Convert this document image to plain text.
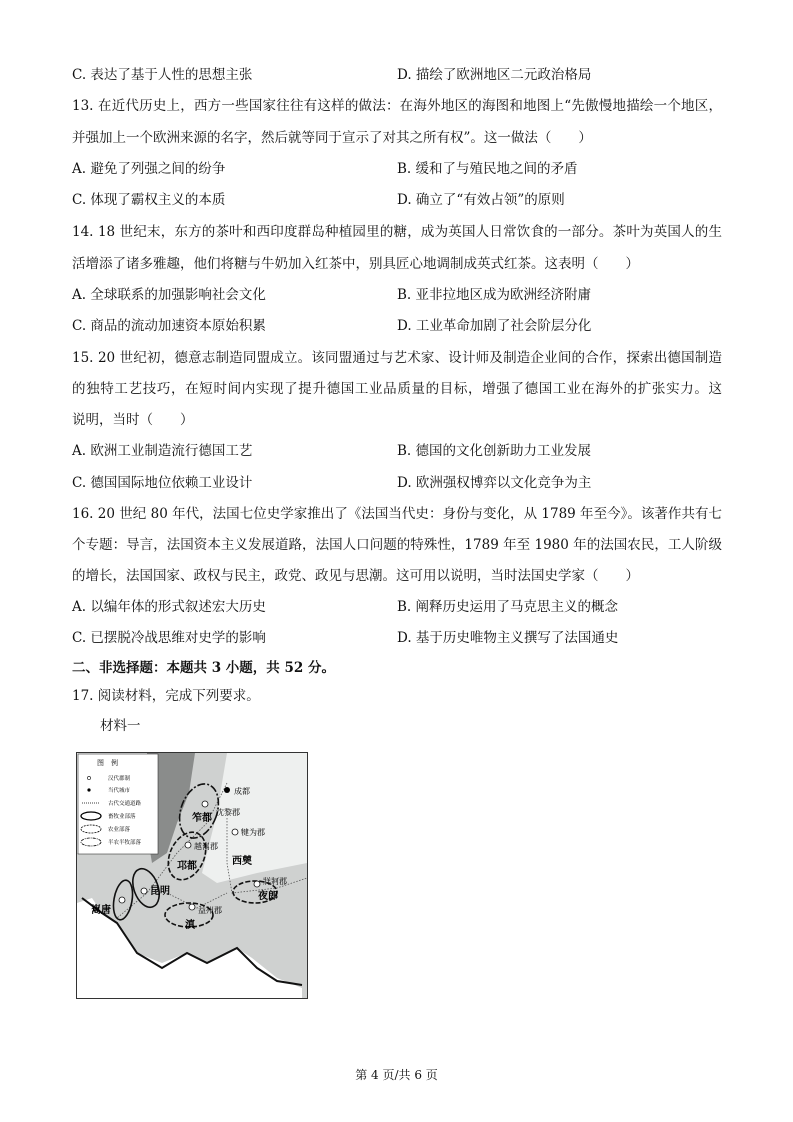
C. 表达了基于人性的思想主张	D. 描绘了欧洲地区二元政治格局
13. 在近代历史上，西方一些国家往往有这样的做法：在海外地区的海图和地图上“先傲慢地描绘一个地区，
并强加上一个欧洲来源的名字，然后就等同于宣示了对其之所有权”。这一做法（　　）
A. 避免了列强之间的纷争	B. 缓和了与殖民地之间的矛盾
C. 体现了霸权主义的本质	D. 确立了“有效占领”的原则
14. 18 世纪末，东方的茶叶和西印度群岛种植园里的糖，成为英国人日常饮食的一部分。茶叶为英国人的生
活增添了诸多雅趣，他们将糖与牛奶加入红茶中，别具匠心地调制成英式红茶。这表明（　　）
A. 全球联系的加强影响社会文化	B. 亚非拉地区成为欧洲经济附庸
C. 商品的流动加速资本原始积累	D. 工业革命加剧了社会阶层分化
15. 20 世纪初，德意志制造同盟成立。该同盟通过与艺术家、设计师及制造企业间的合作，探索出德国制造
的独特工艺技巧，在短时间内实现了提升德国工业品质量的目标，增强了德国工业在海外的扩张实力。这
说明，当时（　　）
A. 欧洲工业制造流行德国工艺	B. 德国的文化创新助力工业发展
C. 德国国际地位依赖工业设计	D. 欧洲强权博弈以文化竞争为主
16. 20 世纪 80 年代，法国七位史学家推出了《法国当代史：身份与变化，从 1789 年至今》。该著作共有七
个专题：导言，法国资本主义发展道路，法国人口问题的特殊性，1789 年至 1980 年的法国农民，工人阶级
的增长，法国国家、政权与民主，政党、政见与思潮。这可用以说明，当时法国史学家（　　）
A. 以编年体的形式叙述宏大历史	B. 阐释历史运用了马克思主义的概念
C. 已摆脱冷战思维对史学的影响	D. 基于历史唯物主义撰写了法国通史
二、非选择题：本题共 3 小题，共 52 分。
17. 阅读材料，完成下列要求。
材料一
图　例
汉代郡制
当代城市
古代交通道路
畜牧业部落
农业部落
半农半牧部落
成都
笮都
沈黎郡
犍为郡
越嶲郡
邛都	西僰
牂牁郡
夜郎
昆明
嶲唐
滇
益州郡
第 4 页/共 6 页
